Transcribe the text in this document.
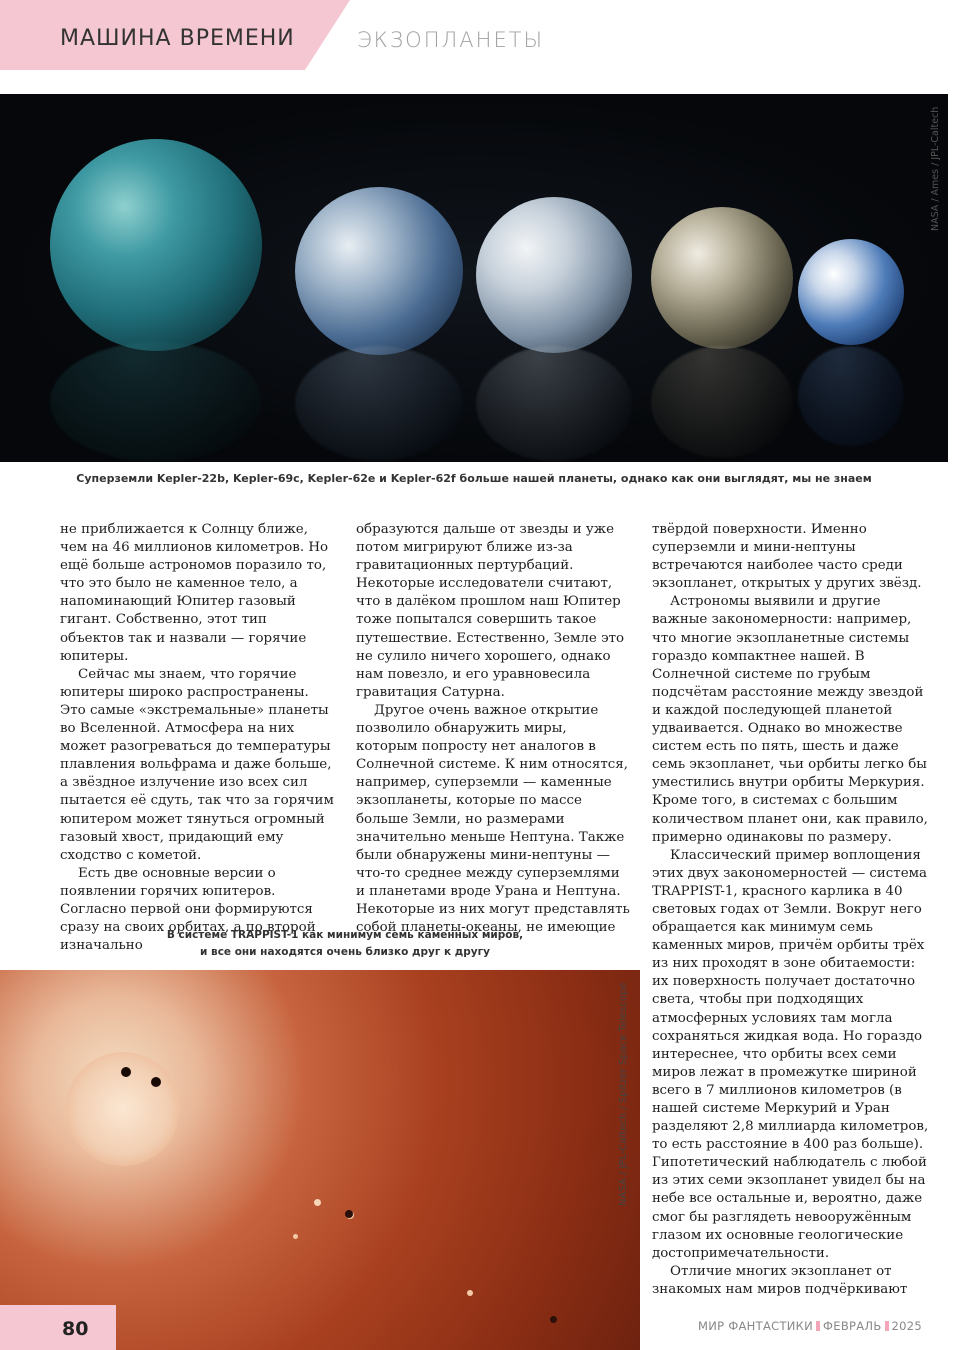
МАШИНА ВРЕМЕНИ	ЭКЗОПЛАНЕТЫ
NASA / Ames / JPL-Caltech
Суперземли Kepler-22b, Kepler-69c, Kepler-62e и Kepler-62f больше нашей планеты, однако как они выглядят, мы не знаем

не приближается к Солнцу ближе, чем на 46 миллионов километров. Но ещё больше астрономов поразило то, что это было не каменное тело, а напоминающий Юпитер газовый гигант. Собственно, этот тип объектов так и назвали — горячие юпитеры.

Сейчас мы знаем, что горячие юпитеры широко распространены. Это самые «экстремальные» планеты во Вселенной. Атмосфера на них может разогреваться до температуры плавления вольфрама и даже больше, а звёздное излучение изо всех сил пытается её сдуть, так что за горячим юпитером может тянуться огромный газовый хвост, придающий ему сходство с кометой.

Есть две основные версии о появлении горячих юпитеров. Согласно первой они формируются сразу на своих орбитах, а по второй изначально

образуются дальше от звезды и уже потом мигрируют ближе из-за гравитационных пертурбаций. Некоторые исследователи считают, что в далёком прошлом наш Юпитер тоже попытался совершить такое путешествие. Естественно, Земле это не сулило ничего хорошего, однако нам повезло, и его уравновесила гравитация Сатурна.

Другое очень важное открытие позволило обнаружить миры, которым попросту нет аналогов в Солнечной системе. К ним относятся, например, суперземли — каменные экзопланеты, которые по массе больше Земли, но размерами значительно меньше Нептуна. Также были обнаружены мини-нептуны — что-то среднее между суперземлями и планетами вроде Урана и Нептуна. Некоторые из них могут представлять собой планеты-океаны, не имеющие

твёрдой поверхности. Именно суперземли и мини-нептуны встречаются наиболее часто среди экзопланет, открытых у других звёзд.

Астрономы выявили и другие важные закономерности: например, что многие экзопланетные системы гораздо компактнее нашей. В Солнечной системе по грубым подсчётам расстояние между звездой и каждой последующей планетой удваивается. Однако во множестве систем есть по пять, шесть и даже семь экзопланет, чьи орбиты легко бы уместились внутри орбиты Меркурия. Кроме того, в системах с большим количеством планет они, как правило, примерно одинаковы по размеру.

Классический пример воплощения этих двух закономерностей — система TRAPPIST-1, красного карлика в 40 световых годах от Земли. Вокруг него обращается как минимум семь каменных миров, причём орбиты трёх из них проходят в зоне обитаемости: их поверхность получает достаточно света, чтобы при подходящих атмосферных условиях там могла сохраняться жидкая вода. Но гораздо интереснее, что орбиты всех семи миров лежат в промежутке шириной всего в 7 миллионов километров (в нашей системе Меркурий и Уран разделяют 2,8 миллиарда километров, то есть расстояние в 400 раз больше). Гипотетический наблюдатель с любой из этих семи экзопланет увидел бы на небе все остальные и, вероятно, даже смог бы разглядеть невооружённым глазом их основные геологические достопримечательности.

Отличие многих экзопланет от знакомых нам миров подчёркивают

В системе TRAPPIST-1 как минимум семь каменных миров,
и все они находятся очень близко друг к другу
NASA / JPL-Caltech / Spitzer Space Telescope
80	МИР ФАНТАСТИКИ ФЕВРАЛЬ 2025
